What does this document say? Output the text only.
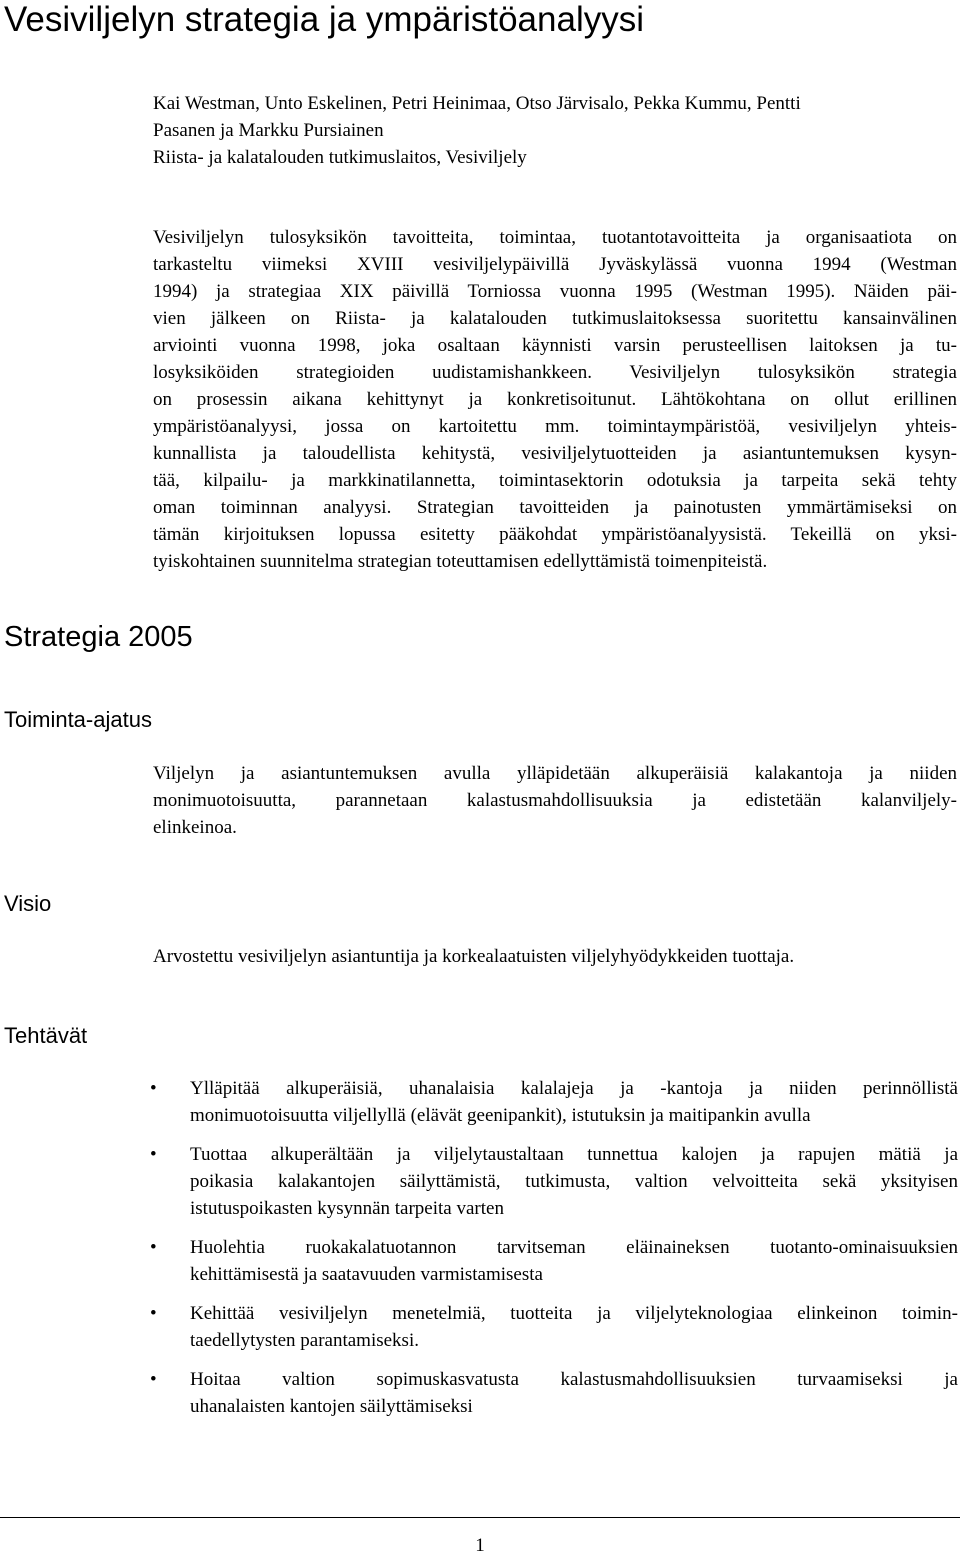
Vesiviljelyn strategia ja ympäristöanalyysi
Kai Westman, Unto Eskelinen, Petri Heinimaa, Otso Järvisalo, Pekka Kummu, Pentti
Pasanen ja Markku Pursiainen
Riista- ja kalatalouden tutkimuslaitos, Vesiviljely
Vesiviljelyn tulosyksikön tavoitteita, toimintaa, tuotantotavoitteita ja organisaatiota on
tarkasteltu viimeksi XVIII vesiviljelypäivillä Jyväskylässä vuonna 1994 (Westman
1994) ja strategiaa XIX päivillä Torniossa vuonna 1995 (Westman 1995). Näiden päi-
vien jälkeen on Riista- ja kalatalouden tutkimuslaitoksessa suoritettu kansainvälinen
arviointi vuonna 1998, joka osaltaan käynnisti varsin perusteellisen laitoksen ja tu-
losyksiköiden strategioiden uudistamishankkeen. Vesiviljelyn tulosyksikön strategia
on prosessin aikana kehittynyt ja konkretisoitunut. Lähtökohtana on ollut erillinen
ympäristöanalyysi, jossa on kartoitettu mm. toimintaympäristöä, vesiviljelyn yhteis-
kunnallista ja taloudellista kehitystä, vesiviljelytuotteiden ja asiantuntemuksen kysyn-
tää, kilpailu- ja markkinatilannetta, toimintasektorin odotuksia ja tarpeita sekä tehty
oman toiminnan analyysi. Strategian tavoitteiden ja painotusten ymmärtämiseksi on
tämän kirjoituksen lopussa esitetty pääkohdat ympäristöanalyysistä. Tekeillä on yksi-
tyiskohtainen suunnitelma strategian toteuttamisen edellyttämistä toimenpiteistä.
Strategia 2005
Toiminta-ajatus
Viljelyn ja asiantuntemuksen avulla ylläpidetään alkuperäisiä kalakantoja ja niiden
monimuotoisuutta, parannetaan kalastusmahdollisuuksia ja edistetään kalanviljely-
elinkeinoa.
Visio
Arvostettu vesiviljelyn asiantuntija ja korkealaatuisten viljelyhyödykkeiden tuottaja.
Tehtävät
•	Ylläpitää alkuperäisiä, uhanalaisia kalalajeja ja -kantoja ja niiden perinnöllistä
monimuotoisuutta viljellyllä (elävät geenipankit), istutuksin ja maitipankin avulla
•	Tuottaa alkuperältään ja viljelytaustaltaan tunnettua kalojen ja rapujen mätiä ja
poikasia kalakantojen säilyttämistä, tutkimusta, valtion velvoitteita sekä yksityisen
istutuspoikasten kysynnän tarpeita varten
•	Huolehtia ruokakalatuotannon tarvitseman eläinaineksen tuotanto-ominaisuuksien
kehittämisestä ja saatavuuden varmistamisesta
•	Kehittää vesiviljelyn menetelmiä, tuotteita ja viljelyteknologiaa elinkeinon toimin-
taedellytysten parantamiseksi.
•	Hoitaa valtion sopimuskasvatusta kalastusmahdollisuuksien turvaamiseksi ja
uhanalaisten kantojen säilyttämiseksi
1
